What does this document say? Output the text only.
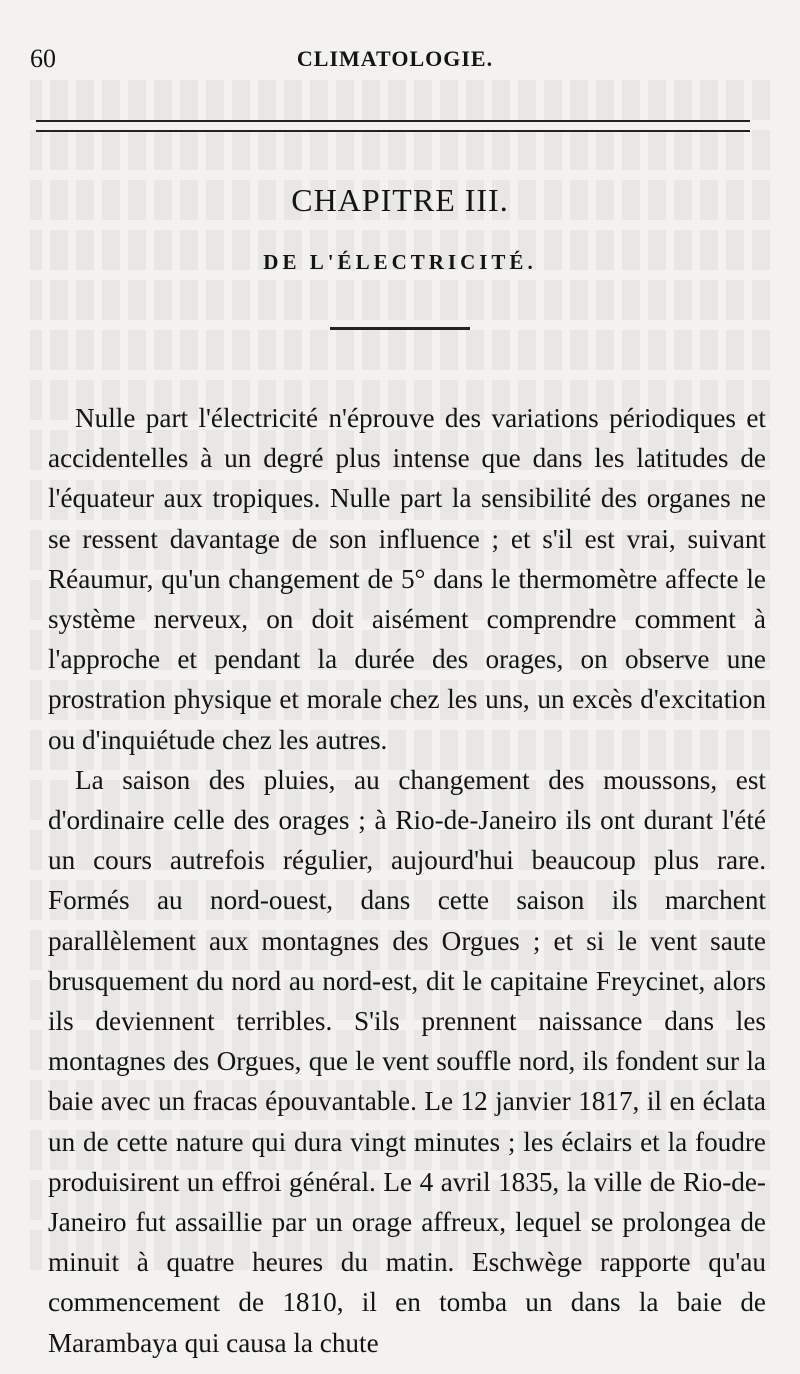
60	CLIMATOLOGIE.
CHAPITRE III.
DE L'ÉLECTRICITÉ.

Nulle part l'électricité n'éprouve des variations périodiques et accidentelles à un degré plus intense que dans les latitudes de l'équateur aux tropiques. Nulle part la sensibilité des organes ne se ressent davantage de son influence ; et s'il est vrai, suivant Réaumur, qu'un changement de 5° dans le thermomètre affecte le système nerveux, on doit aisément comprendre comment à l'approche et pendant la durée des orages, on observe une prostration physique et morale chez les uns, un excès d'excitation ou d'inquiétude chez les autres.

La saison des pluies, au changement des moussons, est d'ordinaire celle des orages ; à Rio-de-Janeiro ils ont durant l'été un cours autrefois régulier, aujourd'hui beaucoup plus rare. Formés au nord-ouest, dans cette saison ils marchent parallèlement aux montagnes des Orgues ; et si le vent saute brusquement du nord au nord-est, dit le capitaine Freycinet, alors ils deviennent terribles. S'ils prennent naissance dans les montagnes des Orgues, que le vent souffle nord, ils fondent sur la baie avec un fracas épouvantable. Le 12 janvier 1817, il en éclata un de cette nature qui dura vingt minutes ; les éclairs et la foudre produisirent un effroi général. Le 4 avril 1835, la ville de Rio-de-Janeiro fut assaillie par un orage affreux, lequel se prolongea de minuit à quatre heures du matin. Eschwège rapporte qu'au commencement de 1810, il en tomba un dans la baie de Marambaya qui causa la chute
